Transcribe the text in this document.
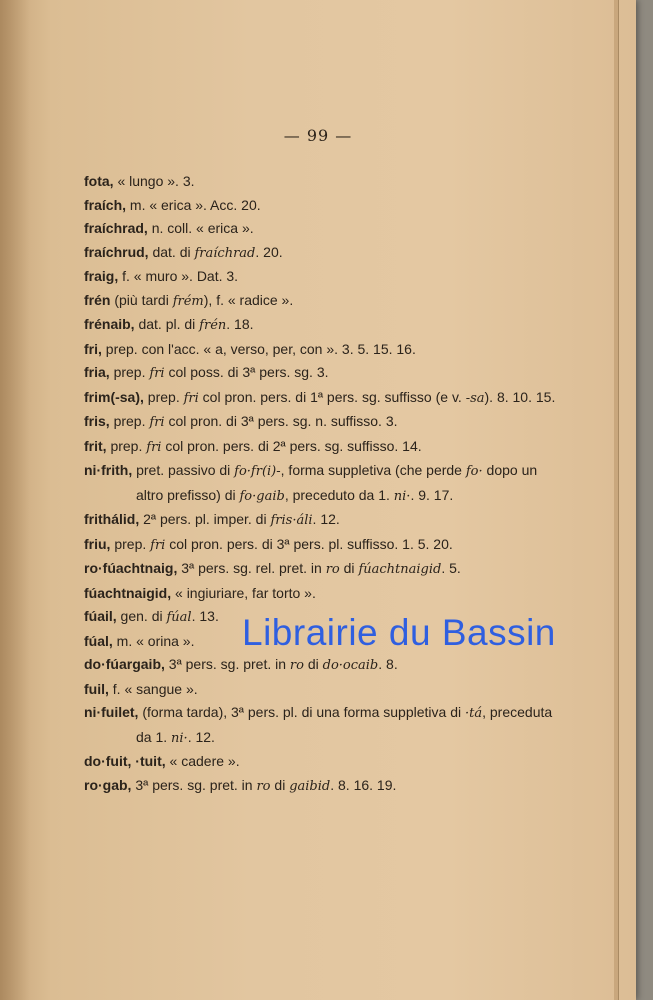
— 99 —

fota, « lungo ». 3.

fraích, m. « erica ». Acc. 20.

fraíchrad, n. coll. « erica ».

fraíchrud, dat. di fraíchrad. 20.

fraig, f. « muro ». Dat. 3.

frén (più tardi frém), f. « radice ».

frénaib, dat. pl. di frén. 18.

fri, prep. con l'acc. « a, verso, per, con ». 3. 5. 15. 16.

fria, prep. fri col poss. di 3ª pers. sg. 3.

frim(-sa), prep. fri col pron. pers. di 1ª pers. sg. suffisso (e v. -sa). 8. 10. 15.

fris, prep. fri col pron. di 3ª pers. sg. n. suffisso. 3.

frit, prep. fri col pron. pers. di 2ª pers. sg. suffisso. 14.

ni·frith, pret. passivo di fo·fr(i)-, forma suppletiva (che perde fo· dopo un altro prefisso) di fo·gaib, preceduto da 1. ni·. 9. 17.

frithálid, 2ª pers. pl. imper. di fris·áli. 12.

friu, prep. fri col pron. pers. di 3ª pers. pl. suffisso. 1. 5. 20.

ro·fúachtnaig, 3ª pers. sg. rel. pret. in ro di fúachtnaigid. 5.

fúachtnaigid, « ingiuriare, far torto ».

fúail, gen. di fúal. 13.

fúal, m. « orina ».

do·fúargaib, 3ª pers. sg. pret. in ro di do·ocaib. 8.

fuil, f. « sangue ».

ni·fuilet, (forma tarda), 3ª pers. pl. di una forma suppletiva di ·tá, preceduta da 1. ni·. 12.

do·fuit, ·tuit, « cadere ».

ro·gab, 3ª pers. sg. pret. in ro di gaibid. 8. 16. 19.

Librairie du Bassin
